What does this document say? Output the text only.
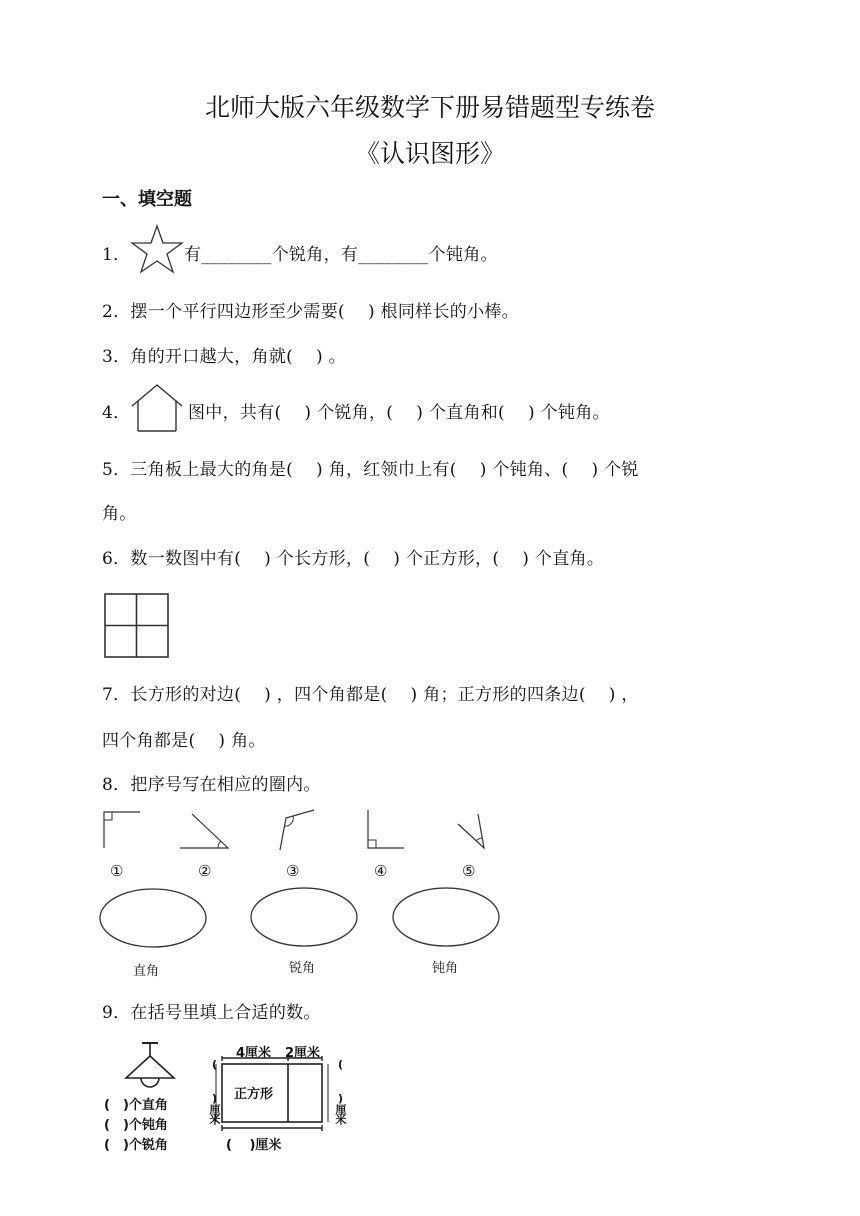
北师大版六年级数学下册易错题型专练卷
《认识图形》
一、填空题
1．	有________个锐角，有________个钝角。
2．摆一个平行四边形至少需要(　 ) 根同样长的小棒。
3．角的开口越大，角就(　 ) 。
4．	图中，共有(　 ) 个锐角，(　 ) 个直角和(　 ) 个钝角。
5．三角板上最大的角是(　 ) 角，红领巾上有(　 ) 个钝角、(　 ) 个锐
角。
6．数一数图中有(　 ) 个长方形，(　 ) 个正方形，(　 ) 个直角。
7．长方形的对边(　 ) ，四个角都是(　 ) 角；正方形的四条边(　 ) ，
四个角都是(　 ) 角。
8．把序号写在相应的圈内。
①	②	③	④	⑤
直角	锐角	钝角
9．在括号里填上合适的数。
(　)个直角
(　)个钝角
(　)个锐角
4厘米 2厘米
(　 )厘米	(　 )厘米
正方形
(　 )厘米
